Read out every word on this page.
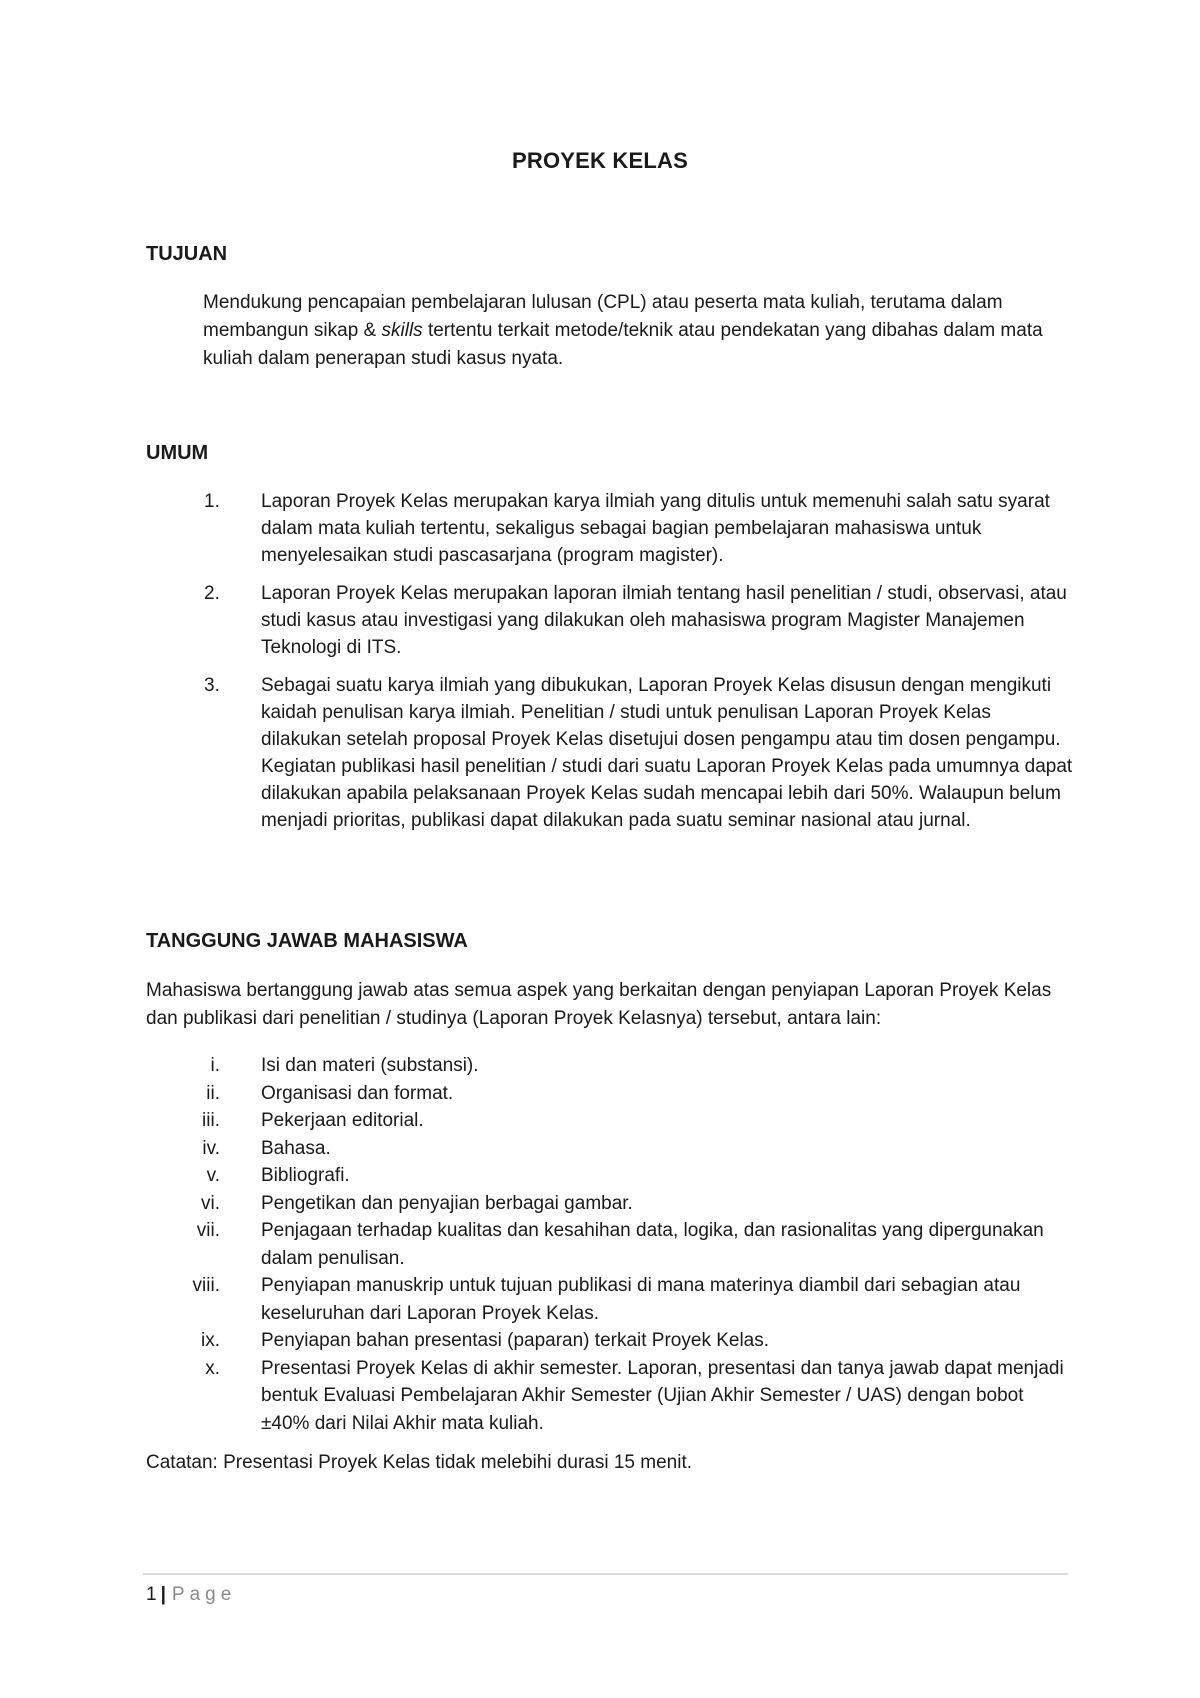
PROYEK KELAS
TUJUAN
Mendukung pencapaian pembelajaran lulusan (CPL) atau peserta mata kuliah, terutama dalam membangun sikap & skills tertentu terkait metode/teknik atau pendekatan yang dibahas dalam mata kuliah dalam penerapan studi kasus nyata.
UMUM
1. Laporan Proyek Kelas merupakan karya ilmiah yang ditulis untuk memenuhi salah satu syarat dalam mata kuliah tertentu, sekaligus sebagai bagian pembelajaran mahasiswa untuk menyelesaikan studi pascasarjana (program magister).
2. Laporan Proyek Kelas merupakan laporan ilmiah tentang hasil penelitian / studi, observasi, atau studi kasus atau investigasi yang dilakukan oleh mahasiswa program Magister Manajemen Teknologi di ITS.
3. Sebagai suatu karya ilmiah yang dibukukan, Laporan Proyek Kelas disusun dengan mengikuti kaidah penulisan karya ilmiah. Penelitian / studi untuk penulisan Laporan Proyek Kelas dilakukan setelah proposal Proyek Kelas disetujui dosen pengampu atau tim dosen pengampu. Kegiatan publikasi hasil penelitian / studi dari suatu Laporan Proyek Kelas pada umumnya dapat dilakukan apabila pelaksanaan Proyek Kelas sudah mencapai lebih dari 50%. Walaupun belum menjadi prioritas, publikasi dapat dilakukan pada suatu seminar nasional atau jurnal.
TANGGUNG JAWAB MAHASISWA
Mahasiswa bertanggung jawab atas semua aspek yang berkaitan dengan penyiapan Laporan Proyek Kelas dan publikasi dari penelitian / studinya (Laporan Proyek Kelasnya) tersebut, antara lain:
i. Isi dan materi (substansi).
ii. Organisasi dan format.
iii. Pekerjaan editorial.
iv. Bahasa.
v. Bibliografi.
vi. Pengetikan dan penyajian berbagai gambar.
vii. Penjagaan terhadap kualitas dan kesahihan data, logika, dan rasionalitas yang dipergunakan dalam penulisan.
viii. Penyiapan manuskrip untuk tujuan publikasi di mana materinya diambil dari sebagian atau keseluruhan dari Laporan Proyek Kelas.
ix. Penyiapan bahan presentasi (paparan) terkait Proyek Kelas.
x. Presentasi Proyek Kelas di akhir semester. Laporan, presentasi dan tanya jawab dapat menjadi bentuk Evaluasi Pembelajaran Akhir Semester (Ujian Akhir Semester / UAS) dengan bobot ±40% dari Nilai Akhir mata kuliah.
Catatan: Presentasi Proyek Kelas tidak melebihi durasi 15 menit.
1 | Page
